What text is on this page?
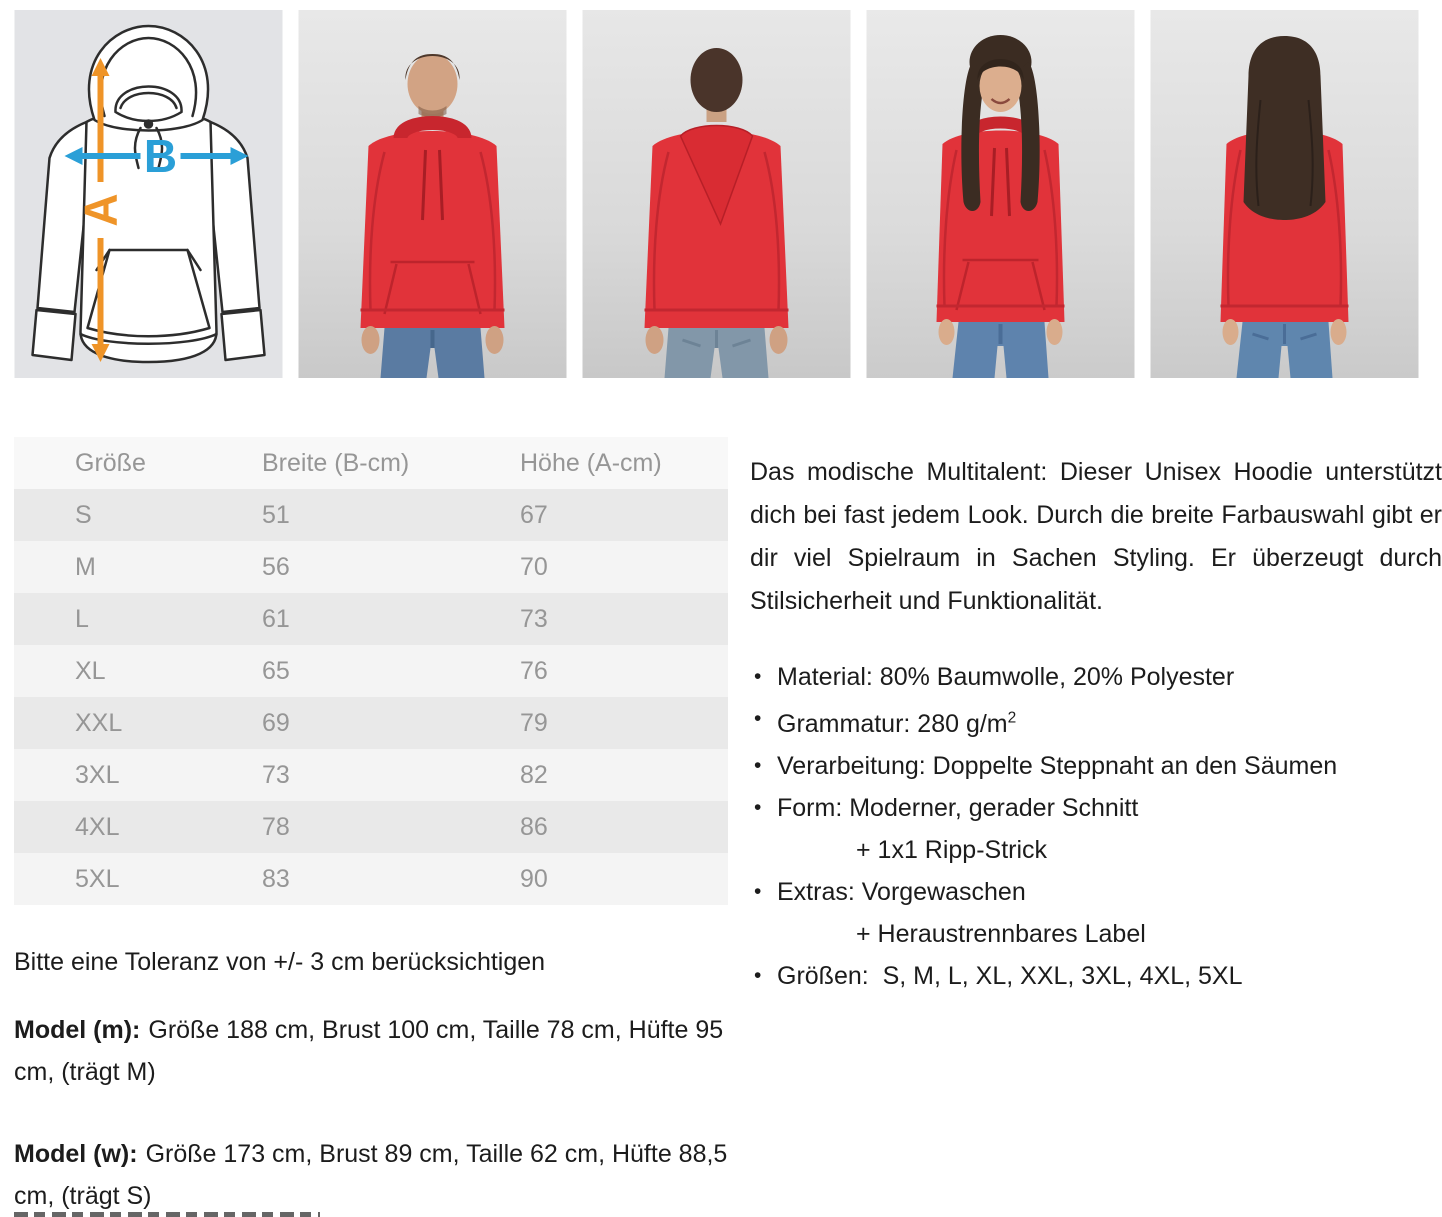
A
B
Größe	Breite (B-cm)	Höhe (A-cm)
S	51	67
M	56	70
L	61	73
XL	65	76
XXL	69	79
3XL	73	82
4XL	78	86
5XL	83	90

Bitte eine Toleranz von +/- 3 cm berücksichtigen

Model (m): Größe 188 cm, Brust 100 cm, Taille 78 cm, Hüfte 95 cm, (trägt M)

Model (w): Größe 173 cm, Brust 89 cm, Taille 62 cm, Hüfte 88,5 cm, (trägt S)

Das modische Multitalent: Dieser Unisex Hoodie unterstützt dich bei fast jedem Look. Durch die breite Farbauswahl gibt er dir viel Spielraum in Sachen Styling. Er überzeugt durch Stilsicherheit und Funktionalität.

• Material: 80% Baumwolle, 20% Polyester
• Grammatur: 280 $g/m^2$
• Verarbeitung: Doppelte Steppnaht an den Säumen
• Form: Moderner, gerader Schnitt
+ 1x1 Ripp-Strick
• Extras: Vorgewaschen
+ Heraustrennbares Label
• Größen:  S, M, L, XL, XXL, 3XL, 4XL, 5XL
